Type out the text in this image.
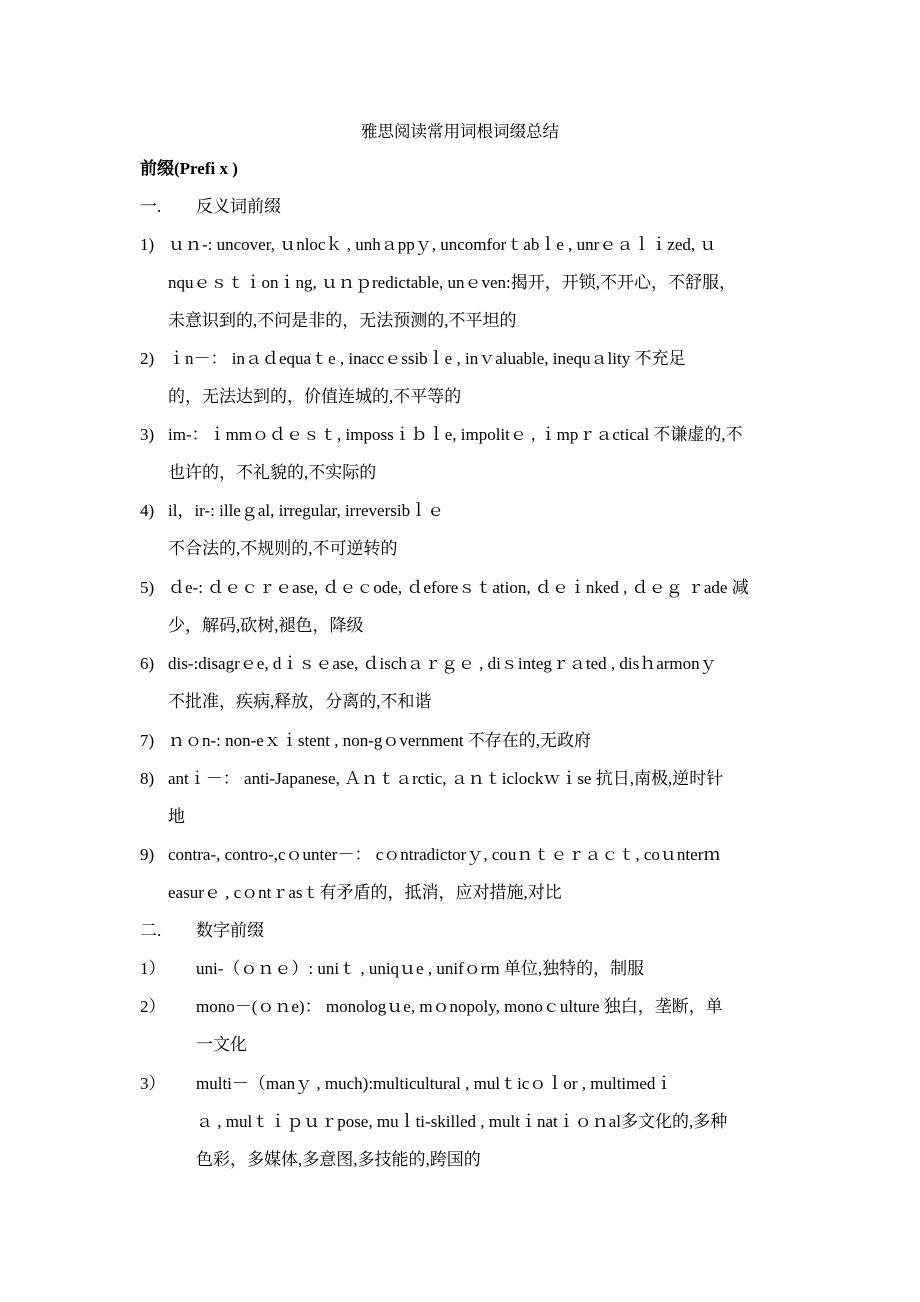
雅思阅读常用词根词缀总结
前缀(Prefi x )
一. 反义词前缀
1) ｕｎ-: uncover, ｕnlocｋ , unhａppｙ, uncomforｔabｌe , unrｅａｌｉzed, ｕ
nquｅｓｔｉonｉng, ｕｎｐredictable, unｅven:揭开，开锁,不开心，不舒服，
未意识到的,不问是非的，无法预测的,不平坦的
2) ｉn－： inａｄequaｔe , inaccｅssibｌe , inｖaluable, inequａlity 不充足
的，无法达到的，价值连城的,不平等的
3) im-：ｉmmｏｄｅｓｔ, impossｉｂｌe, impolitｅ , ｉmpｒａctical 不谦虚的,不
也许的，不礼貌的,不实际的
4) il，ir-: illeｇal, irregular, irreversibｌｅ
不合法的,不规则的,不可逆转的
5) ｄe-: ｄｅｃｒｅase, ｄｅｃode, ｄeforeｓｔation, ｄｅｉnked , ｄｅｇ ｒade 减
少，解码,砍树,褪色，降级
6) dis-:disagrｅe, dｉｓｅase, ｄischａｒｇｅ , diｓintegｒａted , disｈarmonｙ
不批准，疾病,释放，分离的,不和谐
7) ｎｏn-: non-eｘｉstent , non-gｏvernment 不存在的,无政府
8) antｉ－： anti-Japanese, Ａｎｔａrctic, ａｎｔiclockｗｉse 抗日,南极,逆时针
地
9) contra-, contro-,cｏunter－： cｏntradictorｙ, couｎｔｅｒａｃｔ, coｕnterｍ
easurｅ , cｏntｒasｔ有矛盾的，抵消，应对措施,对比
二. 数字前缀
1） uni-（ｏｎｅ）: uniｔ , uniqｕe , unifｏrm 单位,独特的，制服
2） mono－(ｏｎe)： monologｕe, mｏnopoly, monoｃulture 独白，垄断，单
一文化
3） multi－（manｙ , much):multicultural , mulｔicｏｌor , multimedｉ
ａ , mulｔｉｐｕｒpose, muｌti-skilled , multｉnatｉｏｎal多文化的,多种
色彩，多媒体,多意图,多技能的,跨国的
